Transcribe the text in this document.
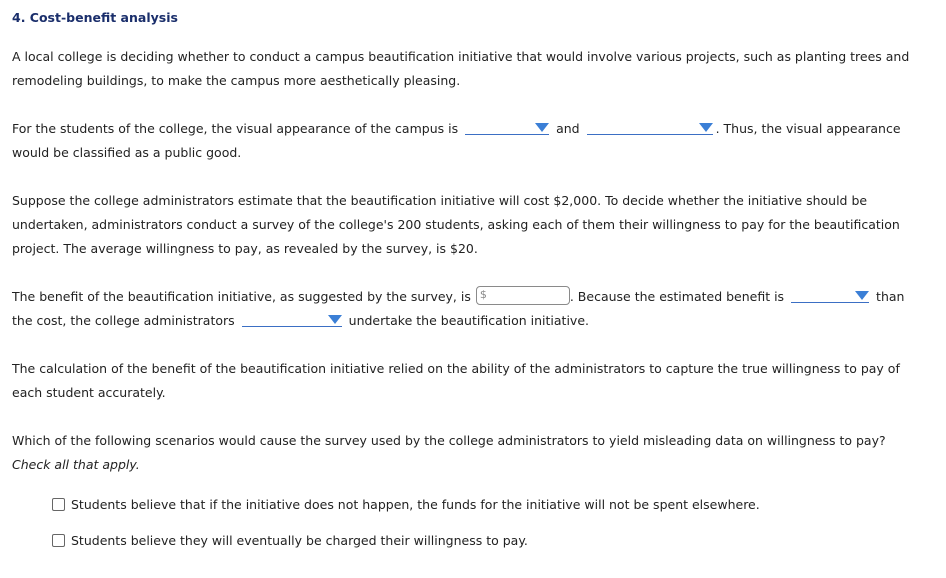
4. Cost-benefit analysis
A local college is deciding whether to conduct a campus beautification initiative that would involve various projects, such as planting trees and remodeling buildings, to make the campus more aesthetically pleasing.
For the students of the college, the visual appearance of the campus is	and	. Thus, the visual appearance would be classified as a public good.
Suppose the college administrators estimate that the beautification initiative will cost $2,000. To decide whether the initiative should be undertaken, administrators conduct a survey of the college's 200 students, asking each of them their willingness to pay for the beautification project. The average willingness to pay, as revealed by the survey, is $20.
The benefit of the beautification initiative, as suggested by the survey, is $	. Because the estimated benefit is	than the cost, the college administrators	undertake the beautification initiative.
The calculation of the benefit of the beautification initiative relied on the ability of the administrators to capture the true willingness to pay of each student accurately.
Which of the following scenarios would cause the survey used by the college administrators to yield misleading data on willingness to pay? Check all that apply.
Students believe that if the initiative does not happen, the funds for the initiative will not be spent elsewhere.
Students believe they will eventually be charged their willingness to pay.
